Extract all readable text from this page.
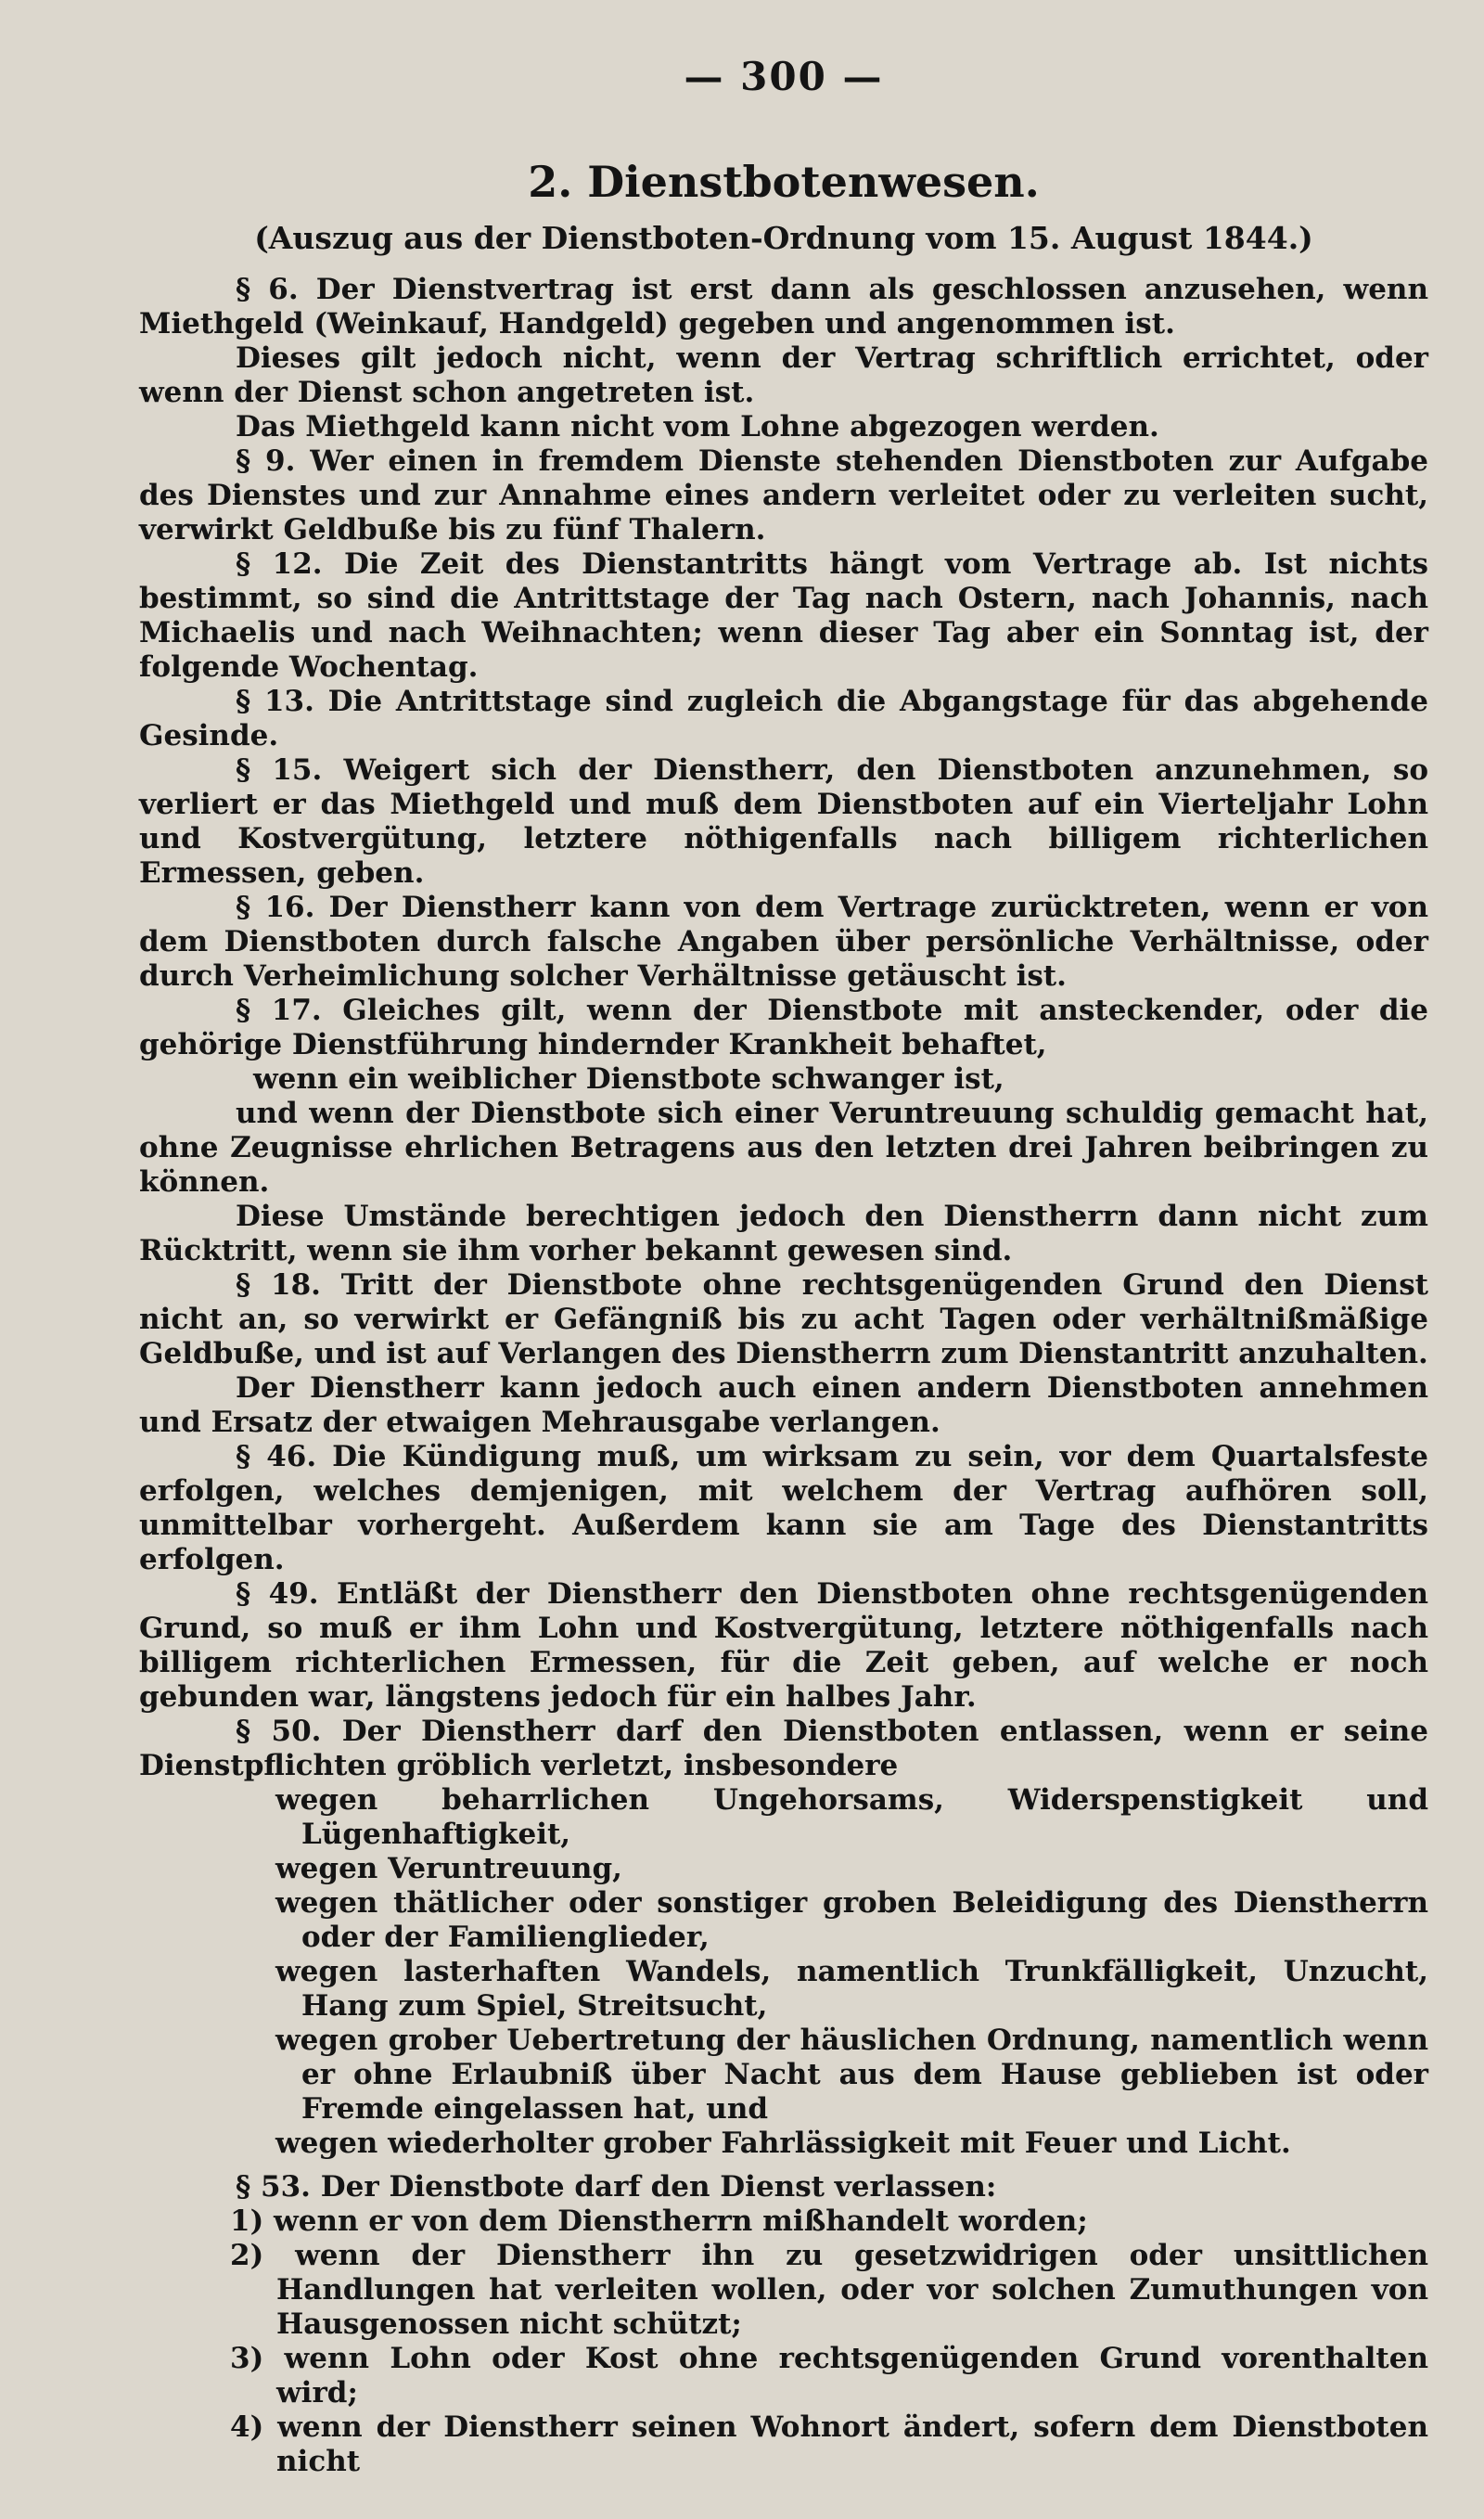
— 300 —
2. Dienstbotenwesen.
(Auszug aus der Dienstboten-Ordnung vom 15. August 1844.)

§ 6. Der Dienstvertrag ist erst dann als geschlossen anzusehen, wenn Miethgeld (Weinkauf, Handgeld) gegeben und angenommen ist.

Dieses gilt jedoch nicht, wenn der Vertrag schriftlich errichtet, oder wenn der Dienst schon angetreten ist.

Das Miethgeld kann nicht vom Lohne abgezogen werden.

§ 9. Wer einen in fremdem Dienste stehenden Dienstboten zur Aufgabe des Dienstes und zur Annahme eines andern verleitet oder zu verleiten sucht, verwirkt Geldbuße bis zu fünf Thalern.

§ 12. Die Zeit des Dienstantritts hängt vom Vertrage ab. Ist nichts bestimmt, so sind die Antrittstage der Tag nach Ostern, nach Johannis, nach Michaelis und nach Weihnachten; wenn dieser Tag aber ein Sonntag ist, der folgende Wochentag.

§ 13. Die Antrittstage sind zugleich die Abgangstage für das abgehende Gesinde.

§ 15. Weigert sich der Dienstherr, den Dienstboten anzunehmen, so verliert er das Miethgeld und muß dem Dienstboten auf ein Vierteljahr Lohn und Kostvergütung, letztere nöthigenfalls nach billigem richterlichen Ermessen, geben.

§ 16. Der Dienstherr kann von dem Vertrage zurücktreten, wenn er von dem Dienstboten durch falsche Angaben über persönliche Verhältnisse, oder durch Verheimlichung solcher Verhältnisse getäuscht ist.

§ 17. Gleiches gilt, wenn der Dienstbote mit ansteckender, oder die gehörige Dienstführung hindernder Krankheit behaftet,

wenn ein weiblicher Dienstbote schwanger ist,

und wenn der Dienstbote sich einer Veruntreuung schuldig gemacht hat, ohne Zeugnisse ehrlichen Betragens aus den letzten drei Jahren beibringen zu können.

Diese Umstände berechtigen jedoch den Dienstherrn dann nicht zum Rücktritt, wenn sie ihm vorher bekannt gewesen sind.

§ 18. Tritt der Dienstbote ohne rechtsgenügenden Grund den Dienst nicht an, so verwirkt er Gefängniß bis zu acht Tagen oder verhältnißmäßige Geldbuße, und ist auf Verlangen des Dienstherrn zum Dienstantritt anzuhalten.

Der Dienstherr kann jedoch auch einen andern Dienstboten annehmen und Ersatz der etwaigen Mehrausgabe verlangen.

§ 46. Die Kündigung muß, um wirksam zu sein, vor dem Quartalsfeste erfolgen, welches demjenigen, mit welchem der Vertrag aufhören soll, unmittelbar vorhergeht. Außerdem kann sie am Tage des Dienstantritts erfolgen.

§ 49. Entläßt der Dienstherr den Dienstboten ohne rechtsgenügenden Grund, so muß er ihm Lohn und Kostvergütung, letztere nöthigenfalls nach billigem richterlichen Ermessen, für die Zeit geben, auf welche er noch gebunden war, längstens jedoch für ein halbes Jahr.

§ 50. Der Dienstherr darf den Dienstboten entlassen, wenn er seine Dienstpflichten gröblich verletzt, insbesondere

wegen beharrlichen Ungehorsams, Widerspenstigkeit und Lügenhaftigkeit,

wegen Veruntreuung,

wegen thätlicher oder sonstiger groben Beleidigung des Dienstherrn oder der Familienglieder,

wegen lasterhaften Wandels, namentlich Trunkfälligkeit, Unzucht, Hang zum Spiel, Streitsucht,

wegen grober Uebertretung der häuslichen Ordnung, namentlich wenn er ohne Erlaubniß über Nacht aus dem Hause geblieben ist oder Fremde eingelassen hat, und

wegen wiederholter grober Fahrlässigkeit mit Feuer und Licht.

§ 53. Der Dienstbote darf den Dienst verlassen:

1) wenn er von dem Dienstherrn mißhandelt worden;

2) wenn der Dienstherr ihn zu gesetzwidrigen oder unsittlichen Handlungen hat verleiten wollen, oder vor solchen Zumuthungen von Hausgenossen nicht schützt;

3) wenn Lohn oder Kost ohne rechtsgenügenden Grund vorenthalten wird;

4) wenn der Dienstherr seinen Wohnort ändert, sofern dem Dienstboten nicht
